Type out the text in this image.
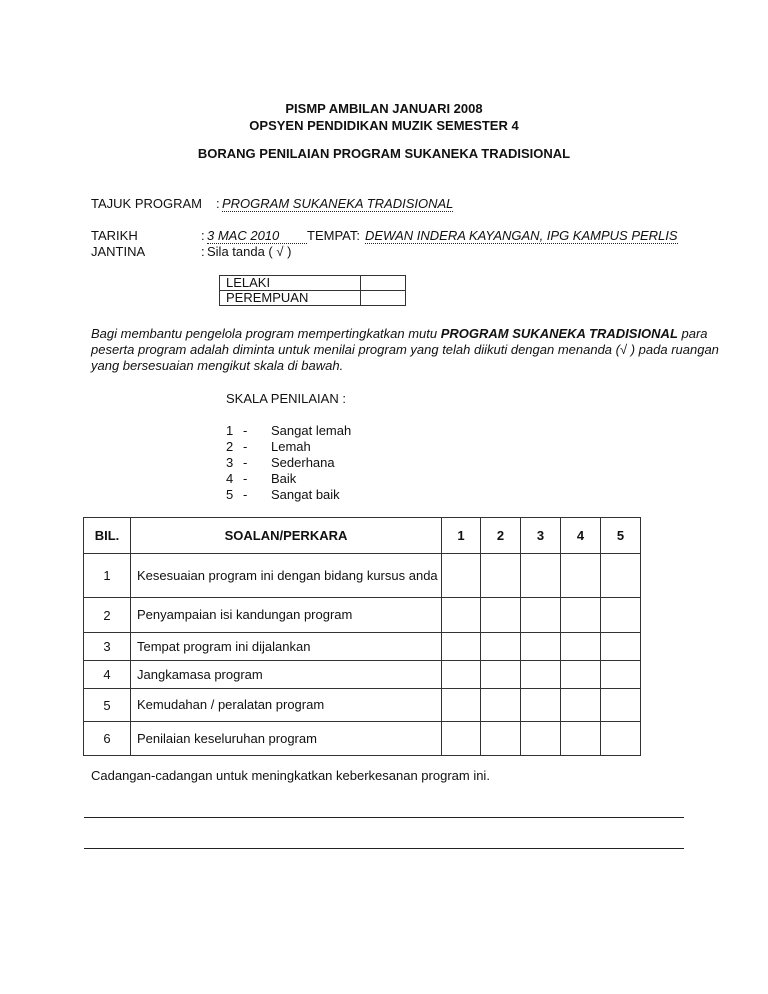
PISMP AMBILAN JANUARI 2008
OPSYEN PENDIDIKAN MUZIK SEMESTER 4
BORANG PENILAIAN PROGRAM SUKANEKA TRADISIONAL
TAJUK PROGRAM : PROGRAM SUKANEKA TRADISIONAL
TARIKH	: 3 MAC 2010	TEMPAT: DEWAN INDERA KAYANGAN, IPG KAMPUS PERLIS
JANTINA	: Sila tanda ( √ )
LELAKI	
PEREMPUAN	
Bagi membantu pengelola program mempertingkatkan mutu PROGRAM SUKANEKA TRADISIONAL para peserta program adalah diminta untuk menilai program yang telah diikuti dengan menanda (√ ) pada ruangan yang bersesuaian mengikut skala di bawah.
SKALA PENILAIAN :
1 - Sangat lemah
2 - Lemah
3 - Sederhana
4 - Baik
5 - Sangat baik
BIL.	SOALAN/PERKARA	1	2	3	4	5
1	Kesesuaian program ini dengan bidang kursus anda					
2	Penyampaian isi kandungan program					
3	Tempat program ini dijalankan					
4	Jangkamasa program					
5	Kemudahan / peralatan program					
6	Penilaian keseluruhan program					
Cadangan-cadangan untuk meningkatkan keberkesanan program ini.
